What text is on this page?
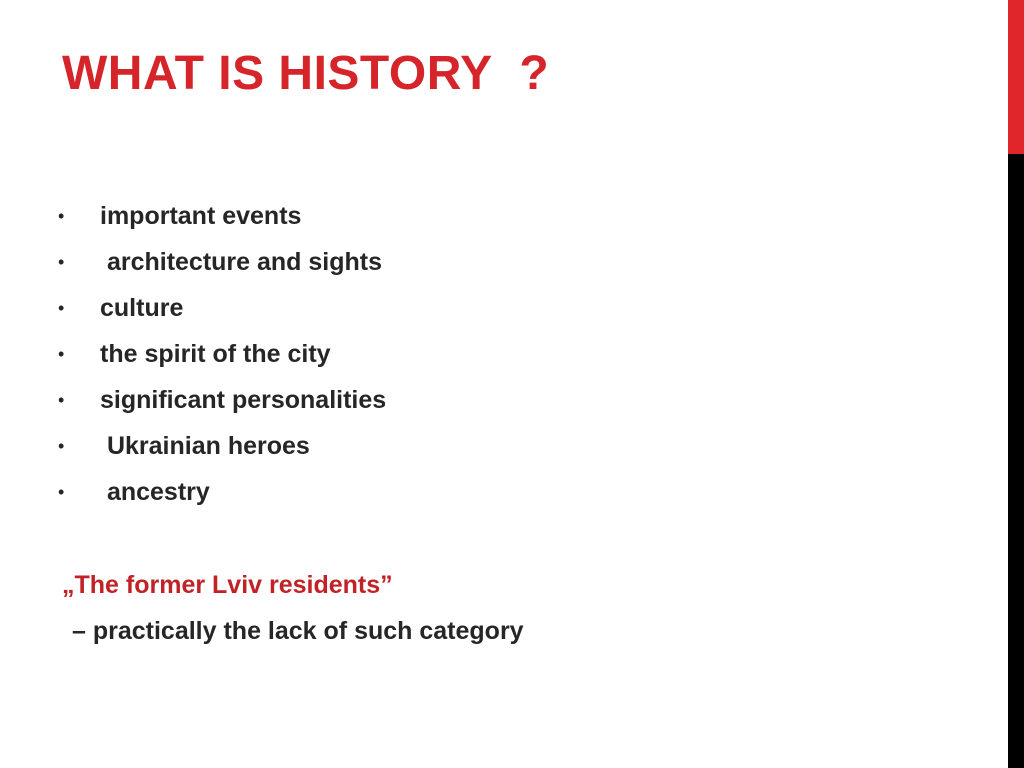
WHAT IS HISTORY  ?
• important events
• architecture and sights
• culture
• the spirit of the city
• significant personalities
• Ukrainian heroes
• ancestry

„The former Lviv residents”

– practically the lack of such category
